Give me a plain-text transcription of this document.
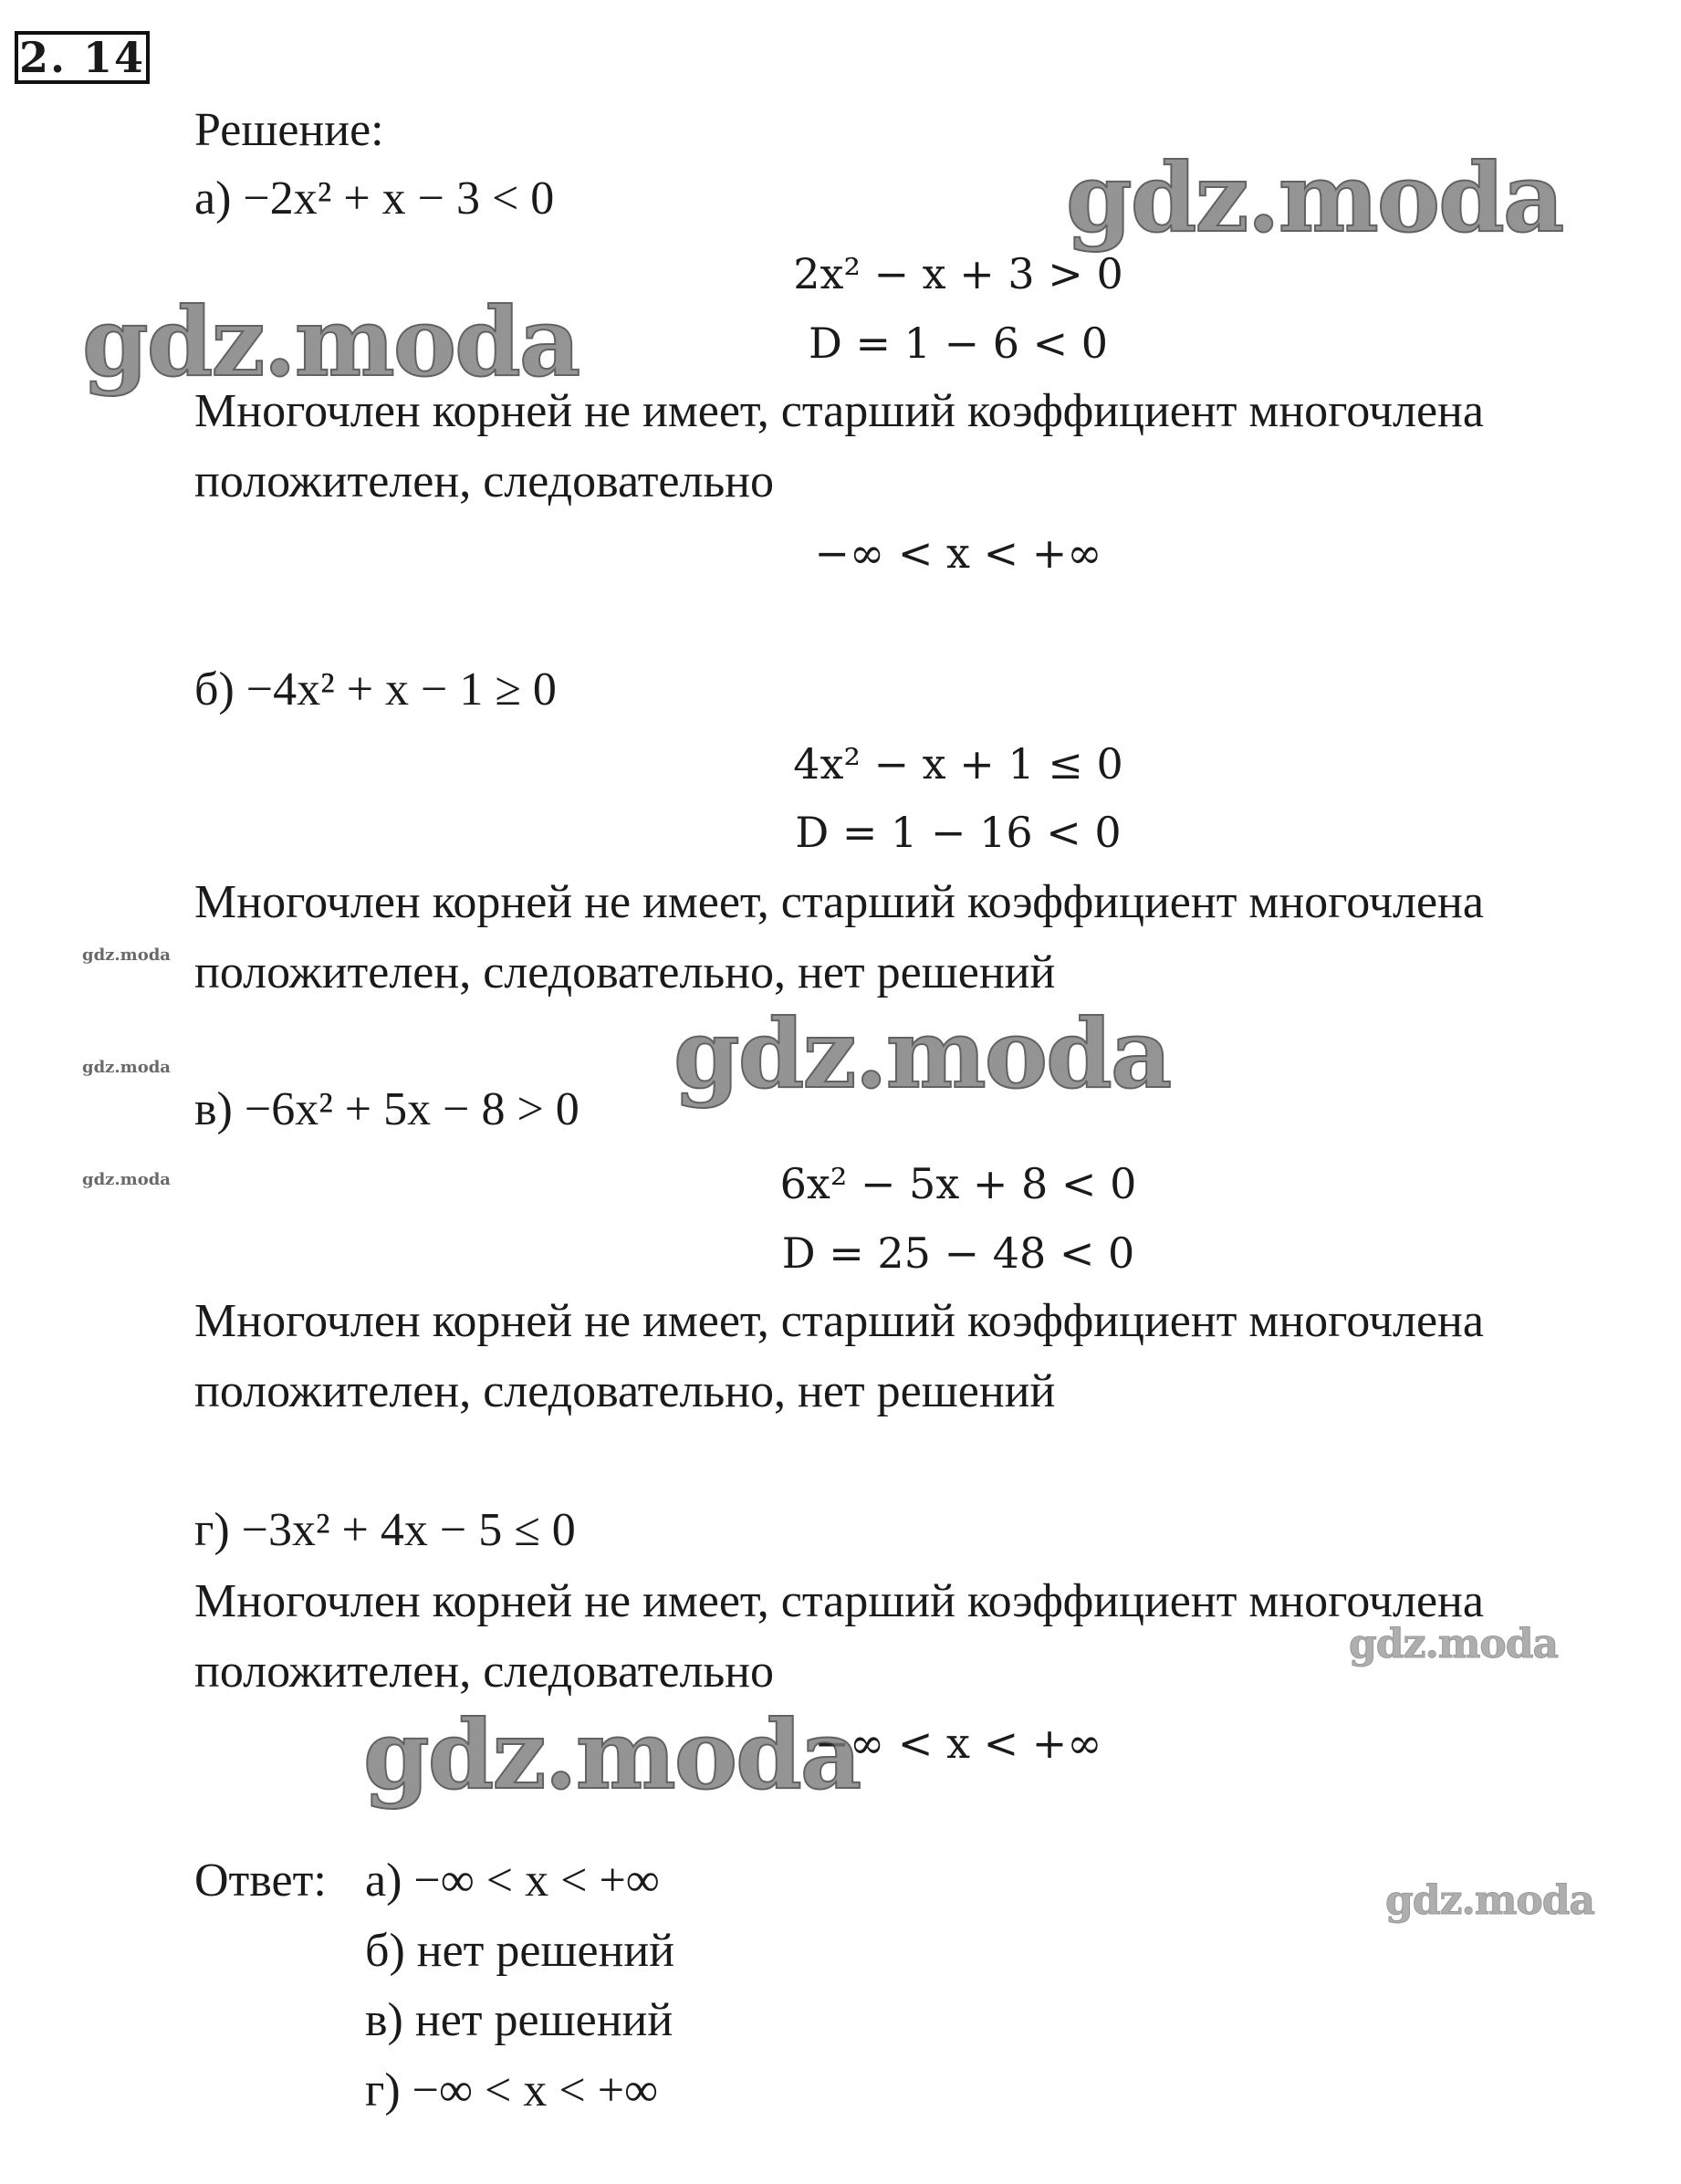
2. 14
Решение:
а) −2x² + x − 3 < 0
2x² − x + 3 > 0
D = 1 − 6 < 0
Многочлен корней не имеет, старший коэффициент многочлена
положителен, следовательно
−∞ < x < +∞
б) −4x² + x − 1 ≥ 0
4x² − x + 1 ≤ 0
D = 1 − 16 < 0
Многочлен корней не имеет, старший коэффициент многочлена
положителен, следовательно, нет решений
в) −6x² + 5x − 8 > 0
6x² − 5x + 8 < 0
D = 25 − 48 < 0
Многочлен корней не имеет, старший коэффициент многочлена
положителен, следовательно, нет решений
г) −3x² + 4x − 5 ≤ 0
Многочлен корней не имеет, старший коэффициент многочлена
положителен, следовательно
−∞ < x < +∞
Ответ: а) −∞ < x < +∞
б) нет решений
в) нет решений
г) −∞ < x < +∞
gdz.moda
gdz.moda
gdz.moda
gdz.moda
gdz.moda
gdz.moda
gdz.moda
gdz.moda
gdz.moda
